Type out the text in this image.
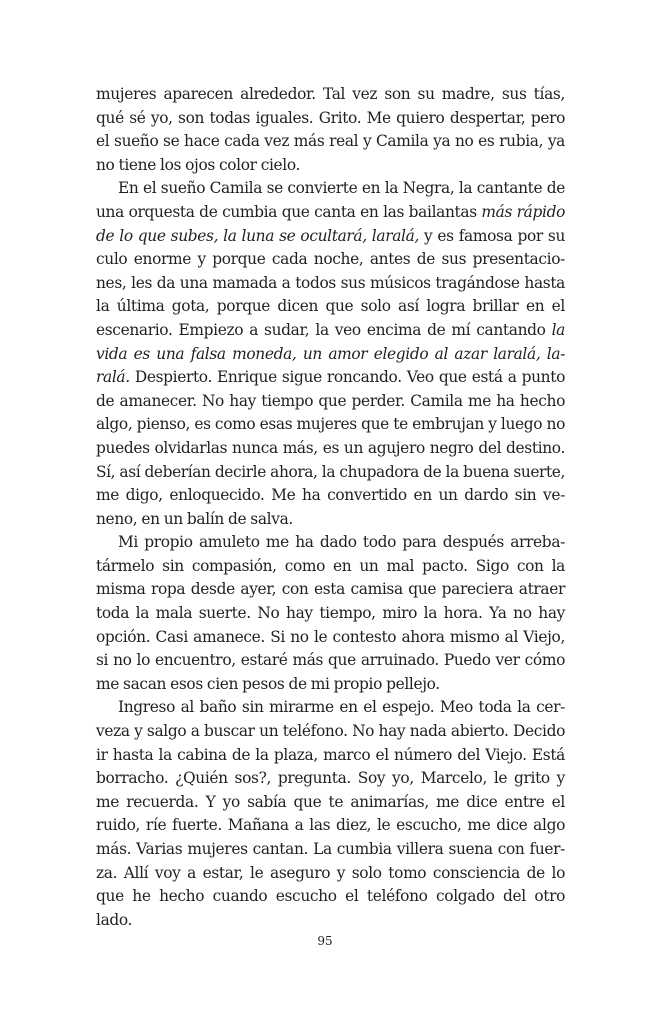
mujeres aparecen alrededor. Tal vez son su madre, sus tías,
qué sé yo, son todas iguales. Grito. Me quiero despertar, pero
el sueño se hace cada vez más real y Camila ya no es rubia, ya
no tiene los ojos color cielo.
En el sueño Camila se convierte en la Negra, la cantante de
una orquesta de cumbia que canta en las bailantas más rápido
de lo que subes, la luna se ocultará, laralá, y es famosa por su
culo enorme y porque cada noche, antes de sus presentacio-
nes, les da una mamada a todos sus músicos tragándose hasta
la última gota, porque dicen que solo así logra brillar en el
escenario. Empiezo a sudar, la veo encima de mí cantando la
vida es una falsa moneda, un amor elegido al azar laralá, la-
ralá. Despierto. Enrique sigue roncando. Veo que está a punto
de amanecer. No hay tiempo que perder. Camila me ha hecho
algo, pienso, es como esas mujeres que te embrujan y luego no
puedes olvidarlas nunca más, es un agujero negro del destino.
Sí, así deberían decirle ahora, la chupadora de la buena suerte,
me digo, enloquecido. Me ha convertido en un dardo sin ve-
neno, en un balín de salva.
Mi propio amuleto me ha dado todo para después arreba-
tármelo sin compasión, como en un mal pacto. Sigo con la
misma ropa desde ayer, con esta camisa que pareciera atraer
toda la mala suerte. No hay tiempo, miro la hora. Ya no hay
opción. Casi amanece. Si no le contesto ahora mismo al Viejo,
si no lo encuentro, estaré más que arruinado. Puedo ver cómo
me sacan esos cien pesos de mi propio pellejo.
Ingreso al baño sin mirarme en el espejo. Meo toda la cer-
veza y salgo a buscar un teléfono. No hay nada abierto. Decido
ir hasta la cabina de la plaza, marco el número del Viejo. Está
borracho. ¿Quién sos?, pregunta. Soy yo, Marcelo, le grito y
me recuerda. Y yo sabía que te animarías, me dice entre el
ruido, ríe fuerte. Mañana a las diez, le escucho, me dice algo
más. Varias mujeres cantan. La cumbia villera suena con fuer-
za. Allí voy a estar, le aseguro y solo tomo consciencia de lo
que he hecho cuando escucho el teléfono colgado del otro
lado.
95
